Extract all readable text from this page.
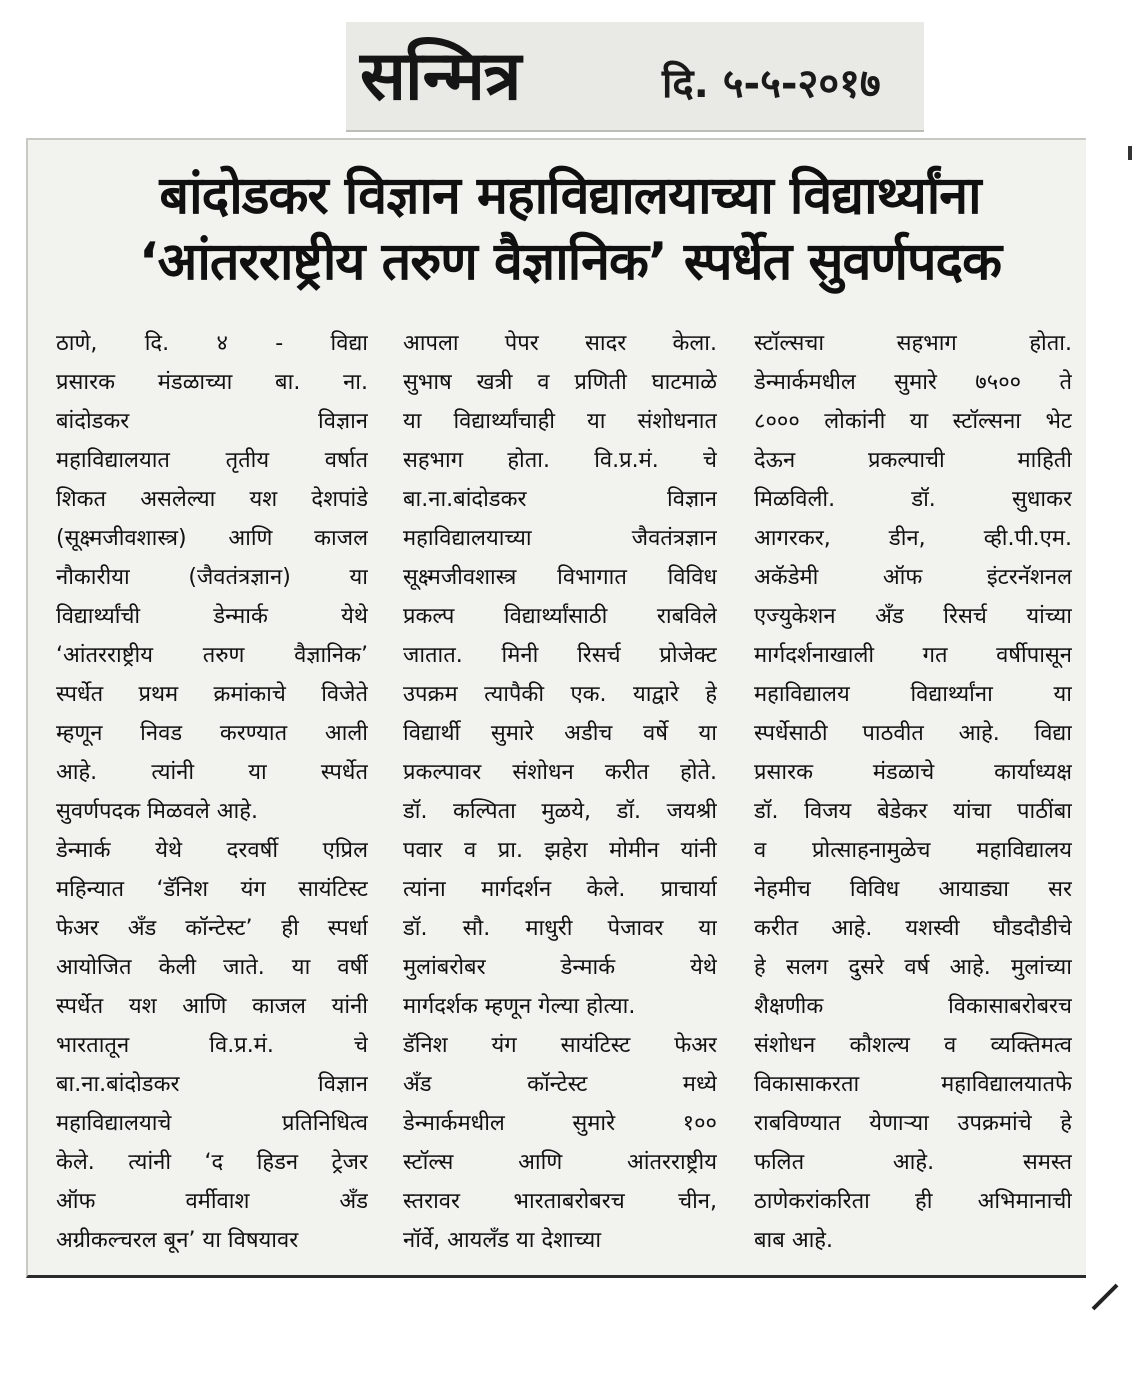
सन्मित्र	दि. ५-५-२०१७
बांदोडकर विज्ञान महाविद्यालयाच्या विद्यार्थ्यांना
‘आंतरराष्ट्रीय तरुण वैज्ञानिक’ स्पर्धेत सुवर्णपदक
ठाणे, दि. ४ - विद्या
प्रसारक मंडळाच्या बा. ना.
बांदोडकर विज्ञान
महाविद्यालयात तृतीय वर्षात
शिकत असलेल्या यश देशपांडे
(सूक्ष्मजीवशास्त्र) आणि काजल
नौकारीया (जैवतंत्रज्ञान) या
विद्यार्थ्यांची डेन्मार्क येथे
‘आंतरराष्ट्रीय तरुण वैज्ञानिक’
स्पर्धेत प्रथम क्रमांकाचे विजेते
म्हणून निवड करण्यात आली
आहे. त्यांनी या स्पर्धेत
सुवर्णपदक मिळवले आहे.
डेन्मार्क येथे दरवर्षी एप्रिल
महिन्यात ‘डॅनिश यंग सायंटिस्ट
फेअर अँड कॉन्टेस्ट’ ही स्पर्धा
आयोजित केली जाते. या वर्षी
स्पर्धेत यश आणि काजल यांनी
भारतातून वि.प्र.मं. चे
बा.ना.बांदोडकर विज्ञान
महाविद्यालयाचे प्रतिनिधित्व
केले. त्यांनी ‘द हिडन ट्रेजर
ऑफ वर्मीवाश अँड
अग्रीकल्चरल बून’ या विषयावर
आपला पेपर सादर केला.
सुभाष खत्री व प्रणिती घाटमाळे
या विद्यार्थ्यांचाही या संशोधनात
सहभाग होता. वि.प्र.मं. चे
बा.ना.बांदोडकर विज्ञान
महाविद्यालयाच्या जैवतंत्रज्ञान
सूक्ष्मजीवशास्त्र विभागात विविध
प्रकल्प विद्यार्थ्यांसाठी राबविले
जातात. मिनी रिसर्च प्रोजेक्ट
उपक्रम त्यापैकी एक. याद्वारे हे
विद्यार्थी सुमारे अडीच वर्षे या
प्रकल्पावर संशोधन करीत होते.
डॉ. कल्पिता मुळये, डॉ. जयश्री
पवार व प्रा. झहेरा मोमीन यांनी
त्यांना मार्गदर्शन केले. प्राचार्या
डॉ. सौ. माधुरी पेजावर या
मुलांबरोबर डेन्मार्क येथे
मार्गदर्शक म्हणून गेल्या होत्या.
डॅनिश यंग सायंटिस्ट फेअर
अँड कॉन्टेस्ट मध्ये
डेन्मार्कमधील सुमारे १००
स्टॉल्स आणि आंतरराष्ट्रीय
स्तरावर भारताबरोबरच चीन,
नॉर्वे, आयलँड या देशाच्या
स्टॉल्सचा सहभाग होता.
डेन्मार्कमधील सुमारे ७५०० ते
८००० लोकांनी या स्टॉल्सना भेट
देऊन प्रकल्पाची माहिती
मिळविली. डॉ. सुधाकर
आगरकर, डीन, व्ही.पी.एम.
अकॅडेमी ऑफ इंटरनॅशनल
एज्युकेशन अँड रिसर्च यांच्या
मार्गदर्शनाखाली गत वर्षीपासून
महाविद्यालय विद्यार्थ्यांना या
स्पर्धेसाठी पाठवीत आहे. विद्या
प्रसारक मंडळाचे कार्याध्यक्ष
डॉ. विजय बेडेकर यांचा पाठींबा
व प्रोत्साहनामुळेच महाविद्यालय
नेहमीच विविध आयाड्या सर
करीत आहे. यशस्वी घौडदौडीचे
हे सलग दुसरे वर्ष आहे. मुलांच्या
शैक्षणीक विकासाबरोबरच
संशोधन कौशल्य व व्यक्तिमत्व
विकासाकरता महाविद्यालयातफे
राबविण्यात येणाऱ्या उपक्रमांचे हे
फलित आहे. समस्त
ठाणेकरांकरिता ही अभिमानाची
बाब आहे.
